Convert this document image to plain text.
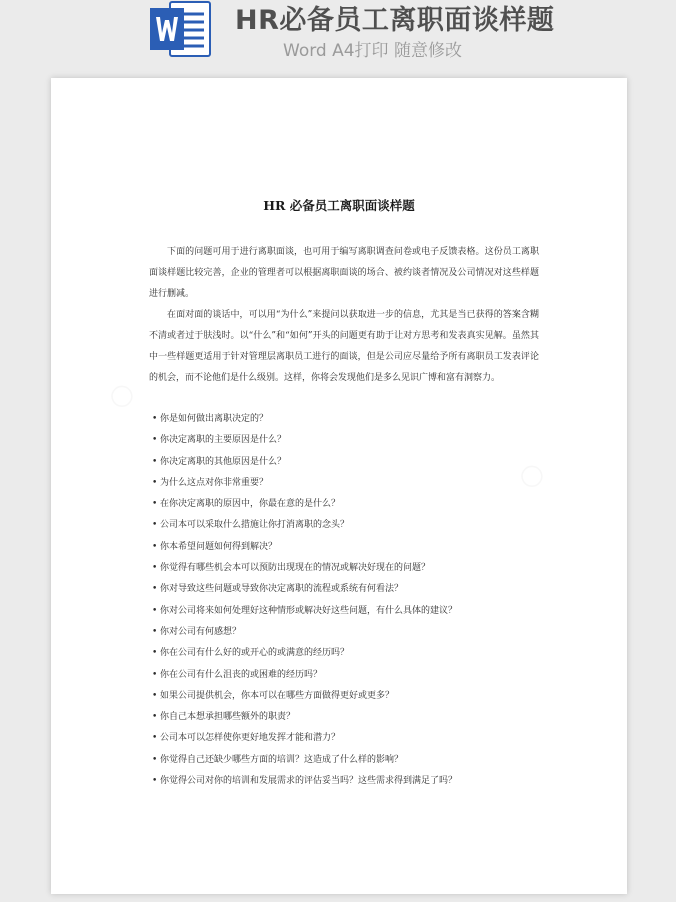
HR必备员工离职面谈样题
Word A4打印 随意修改
HR 必备员工离职面谈样题

下面的问题可用于进行离职面谈，也可用于编写离职调查问卷或电子反馈表格。这份员工离职面谈样题比较完善，企业的管理者可以根据离职面谈的场合、被约谈者情况及公司情况对这些样题进行删减。

在面对面的谈话中，可以用“为什么”来提问以获取进一步的信息，尤其是当已获得的答案含糊不清或者过于肤浅时。以“什么”和“如何”开头的问题更有助于让对方思考和发表真实见解。虽然其中一些样题更适用于针对管理层离职员工进行的面谈，但是公司应尽量给予所有离职员工发表评论的机会，而不论他们是什么级别。这样，你将会发现他们是多么见识广博和富有洞察力。

• 你是如何做出离职决定的？
• 你决定离职的主要原因是什么？
• 你决定离职的其他原因是什么？
• 为什么这点对你非常重要？
• 在你决定离职的原因中，你最在意的是什么？
• 公司本可以采取什么措施让你打消离职的念头？
• 你本希望问题如何得到解决？
• 你觉得有哪些机会本可以预防出现现在的情况或解决好现在的问题？
• 你对导致这些问题或导致你决定离职的流程或系统有何看法？
• 你对公司将来如何处理好这种情形或解决好这些问题，有什么具体的建议？
• 你对公司有何感想？
• 你在公司有什么好的或开心的或满意的经历吗？
• 你在公司有什么沮丧的或困难的经历吗？
• 如果公司提供机会，你本可以在哪些方面做得更好或更多？
• 你自己本想承担哪些额外的职责？
• 公司本可以怎样使你更好地发挥才能和潜力？
• 你觉得自己还缺少哪些方面的培训？这造成了什么样的影响？
• 你觉得公司对你的培训和发展需求的评估妥当吗？这些需求得到满足了吗？
